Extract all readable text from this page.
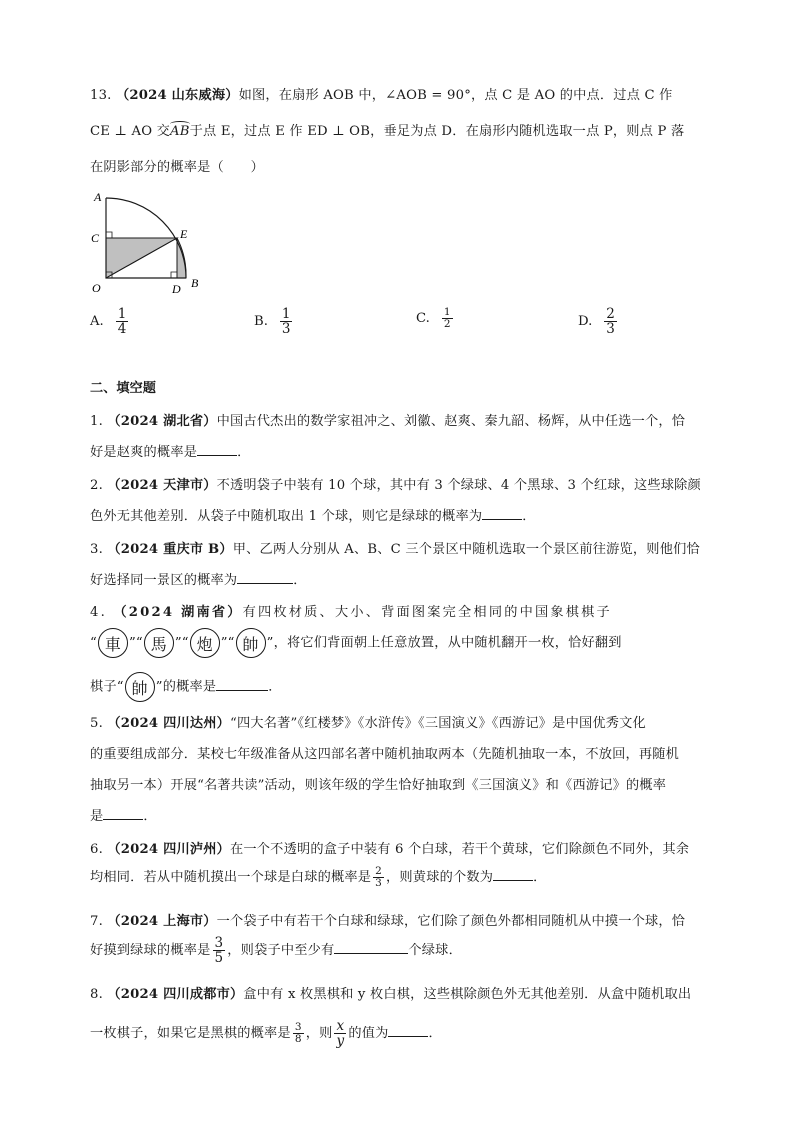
13. （2024 山东威海）如图，在扇形 AOB 中，∠AOB = 90°，点 C 是 AO 的中点．过点 C 作
CE ⊥ AO 交
AB于点 E，过点 E 作 ED ⊥ OB，垂足为点 D．在扇形内随机选取一点 P，则点 P 落
在阴影部分的概率是（　　）
A
C	E
O	D B
A. $\frac{1}{4}$	B. $\frac{1}{3}$	C. $\frac{1}{2}$	D. $\frac{2}{3}$
二、填空题
1. （2024 湖北省）中国古代杰出的数学家祖冲之、刘徽、赵爽、秦九韶、杨辉，从中任选一个，恰
好是赵爽的概率是	．
2. （2024 天津市）不透明袋子中装有 10 个球，其中有 3 个绿球、4 个黑球、3 个红球，这些球除颜
色外无其他差别．从袋子中随机取出 1 个球，则它是绿球的概率为	．
3. （2024 重庆市 B）甲、乙两人分别从 A、B、C 三个景区中随机选取一个景区前往游览，则他们恰
好选择同一景区的概率为	．
4. （2024 湖南省）有四枚材质、大小、背面图案完全相同的中国象棋棋子
“ 車 ”“ 馬 ”“ 炮 ”“ 帥 ”，将它们背面朝上任意放置，从中随机翻开一枚，恰好翻到
棋子“ 帥 ”的概率是	．
5. （2024 四川达州）“四大名著”《红楼梦》《水浒传》《三国演义》《西游记》是中国优秀文化
的重要组成部分．某校七年级准备从这四部名著中随机抽取两本（先随机抽取一本，不放回，再随机
抽取另一本）开展“名著共读”活动，则该年级的学生恰好抽取到《三国演义》和《西游记》的概率
是	．
6. （2024 四川泸州）在一个不透明的盒子中装有 6 个白球，若干个黄球，它们除颜色不同外，其余
均相同．若从中随机摸出一个球是白球的概率是 $\frac{2}{3}$ ，则黄球的个数为	．
7. （2024 上海市）一个袋子中有若干个白球和绿球，它们除了颜色外都相同随机从中摸一个球，恰
好摸到绿球的概率是 $\frac{3}{5}$ ，则袋子中至少有	个绿球．
8. （2024 四川成都市）盒中有 x 枚黑棋和 y 枚白棋，这些棋除颜色外无其他差别．从盒中随机取出
一枚棋子，如果它是黑棋的概率是 $\frac{3}{8}$ ，则 $\frac{x}{y}$ 的值为	．
